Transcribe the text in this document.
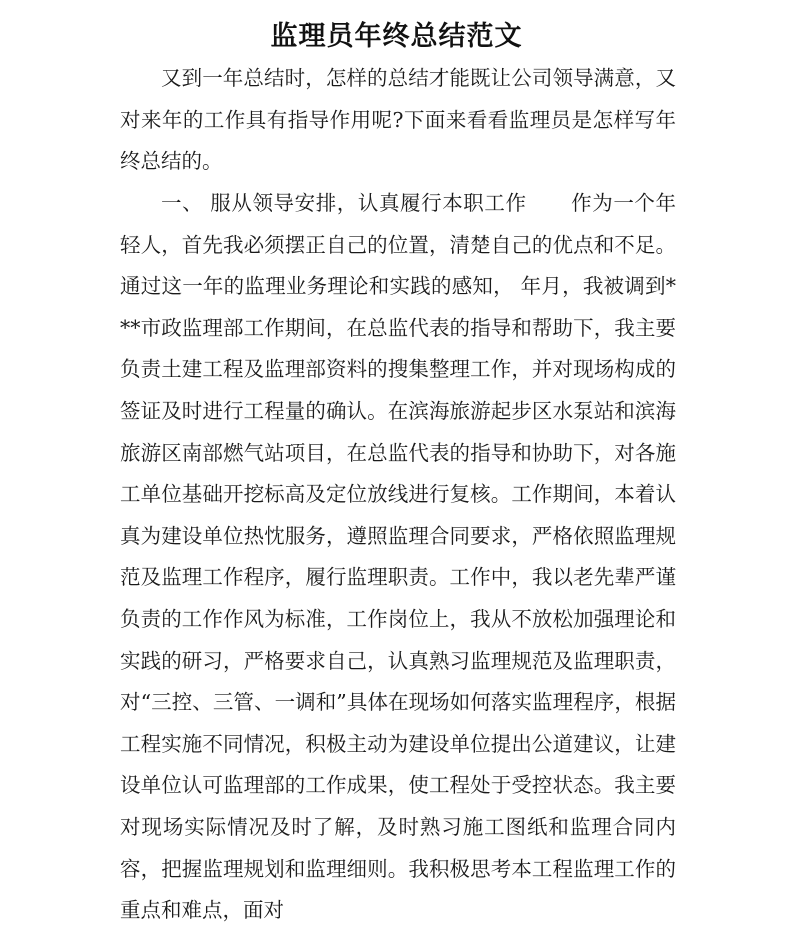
监理员年终总结范文

又到一年总结时，怎样的总结才能既让公司领导满意，又对来年的工作具有指导作用呢?下面来看看监理员是怎样写年终总结的。

一、 服从领导安排，认真履行本职工作 作为一个年轻人，首先我必须摆正自己的位置，清楚自己的优点和不足。通过这一年的监理业务理论和实践的感知， 年月，我被调到***市政监理部工作期间，在总监代表的指导和帮助下，我主要负责土建工程及监理部资料的搜集整理工作，并对现场构成的签证及时进行工程量的确认。在滨海旅游起步区水泵站和滨海旅游区南部燃气站项目，在总监代表的指导和协助下，对各施工单位基础开挖标高及定位放线进行复核。工作期间，本着认真为建设单位热忱服务，遵照监理合同要求，严格依照监理规范及监理工作程序，履行监理职责。工作中，我以老先辈严谨负责的工作作风为标准，工作岗位上，我从不放松加强理论和实践的研习，严格要求自己，认真熟习监理规范及监理职责，对“三控、三管、一调和”具体在现场如何落实监理程序，根据工程实施不同情况，积极主动为建设单位提出公道建议，让建设单位认可监理部的工作成果，使工程处于受控状态。我主要对现场实际情况及时了解，及时熟习施工图纸和监理合同内容，把握监理规划和监理细则。我积极思考本工程监理工作的重点和难点，面对
